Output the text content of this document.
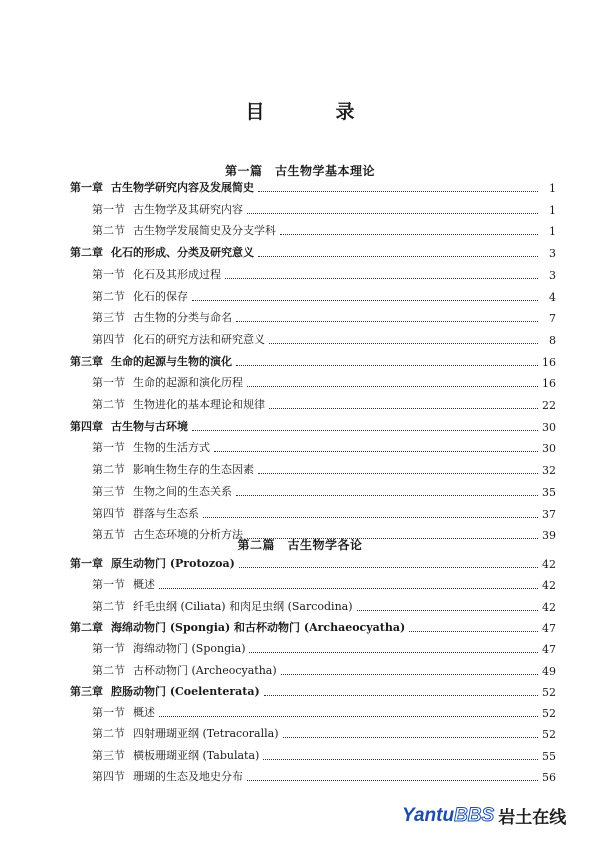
目　录
第一篇　古生物学基本理论
第二篇　古生物学各论
第一章 古生物学研究内容及发展简史	1
第一节 古生物学及其研究内容	1
第二节 古生物学发展简史及分支学科	1
第二章 化石的形成、分类及研究意义	3
第一节 化石及其形成过程	3
第二节 化石的保存	4
第三节 古生物的分类与命名	7
第四节 化石的研究方法和研究意义	8
第三章 生命的起源与生物的演化	16
第一节 生命的起源和演化历程	16
第二节 生物进化的基本理论和规律	22
第四章 古生物与古环境	30
第一节 生物的生活方式	30
第二节 影响生物生存的生态因素	32
第三节 生物之间的生态关系	35
第四节 群落与生态系	37
第五节 古生态环境的分析方法	39
第一章 原生动物门 (Protozoa)	42
第一节 概述	42
第二节 纤毛虫纲 (Ciliata) 和肉足虫纲 (Sarcodina)	42
第二章 海绵动物门 (Spongia) 和古杯动物门 (Archaeocyatha)	47
第一节 海绵动物门 (Spongia)	47
第二节 古杯动物门 (Archeocyatha)	49
第三章 腔肠动物门 (Coelenterata)	52
第一节 概述	52
第二节 四射珊瑚亚纲 (Tetracoralla)	52
第三节 横板珊瑚亚纲 (Tabulata)	55
第四节 珊瑚的生态及地史分布	56
Yantu BBS 岩土在线
